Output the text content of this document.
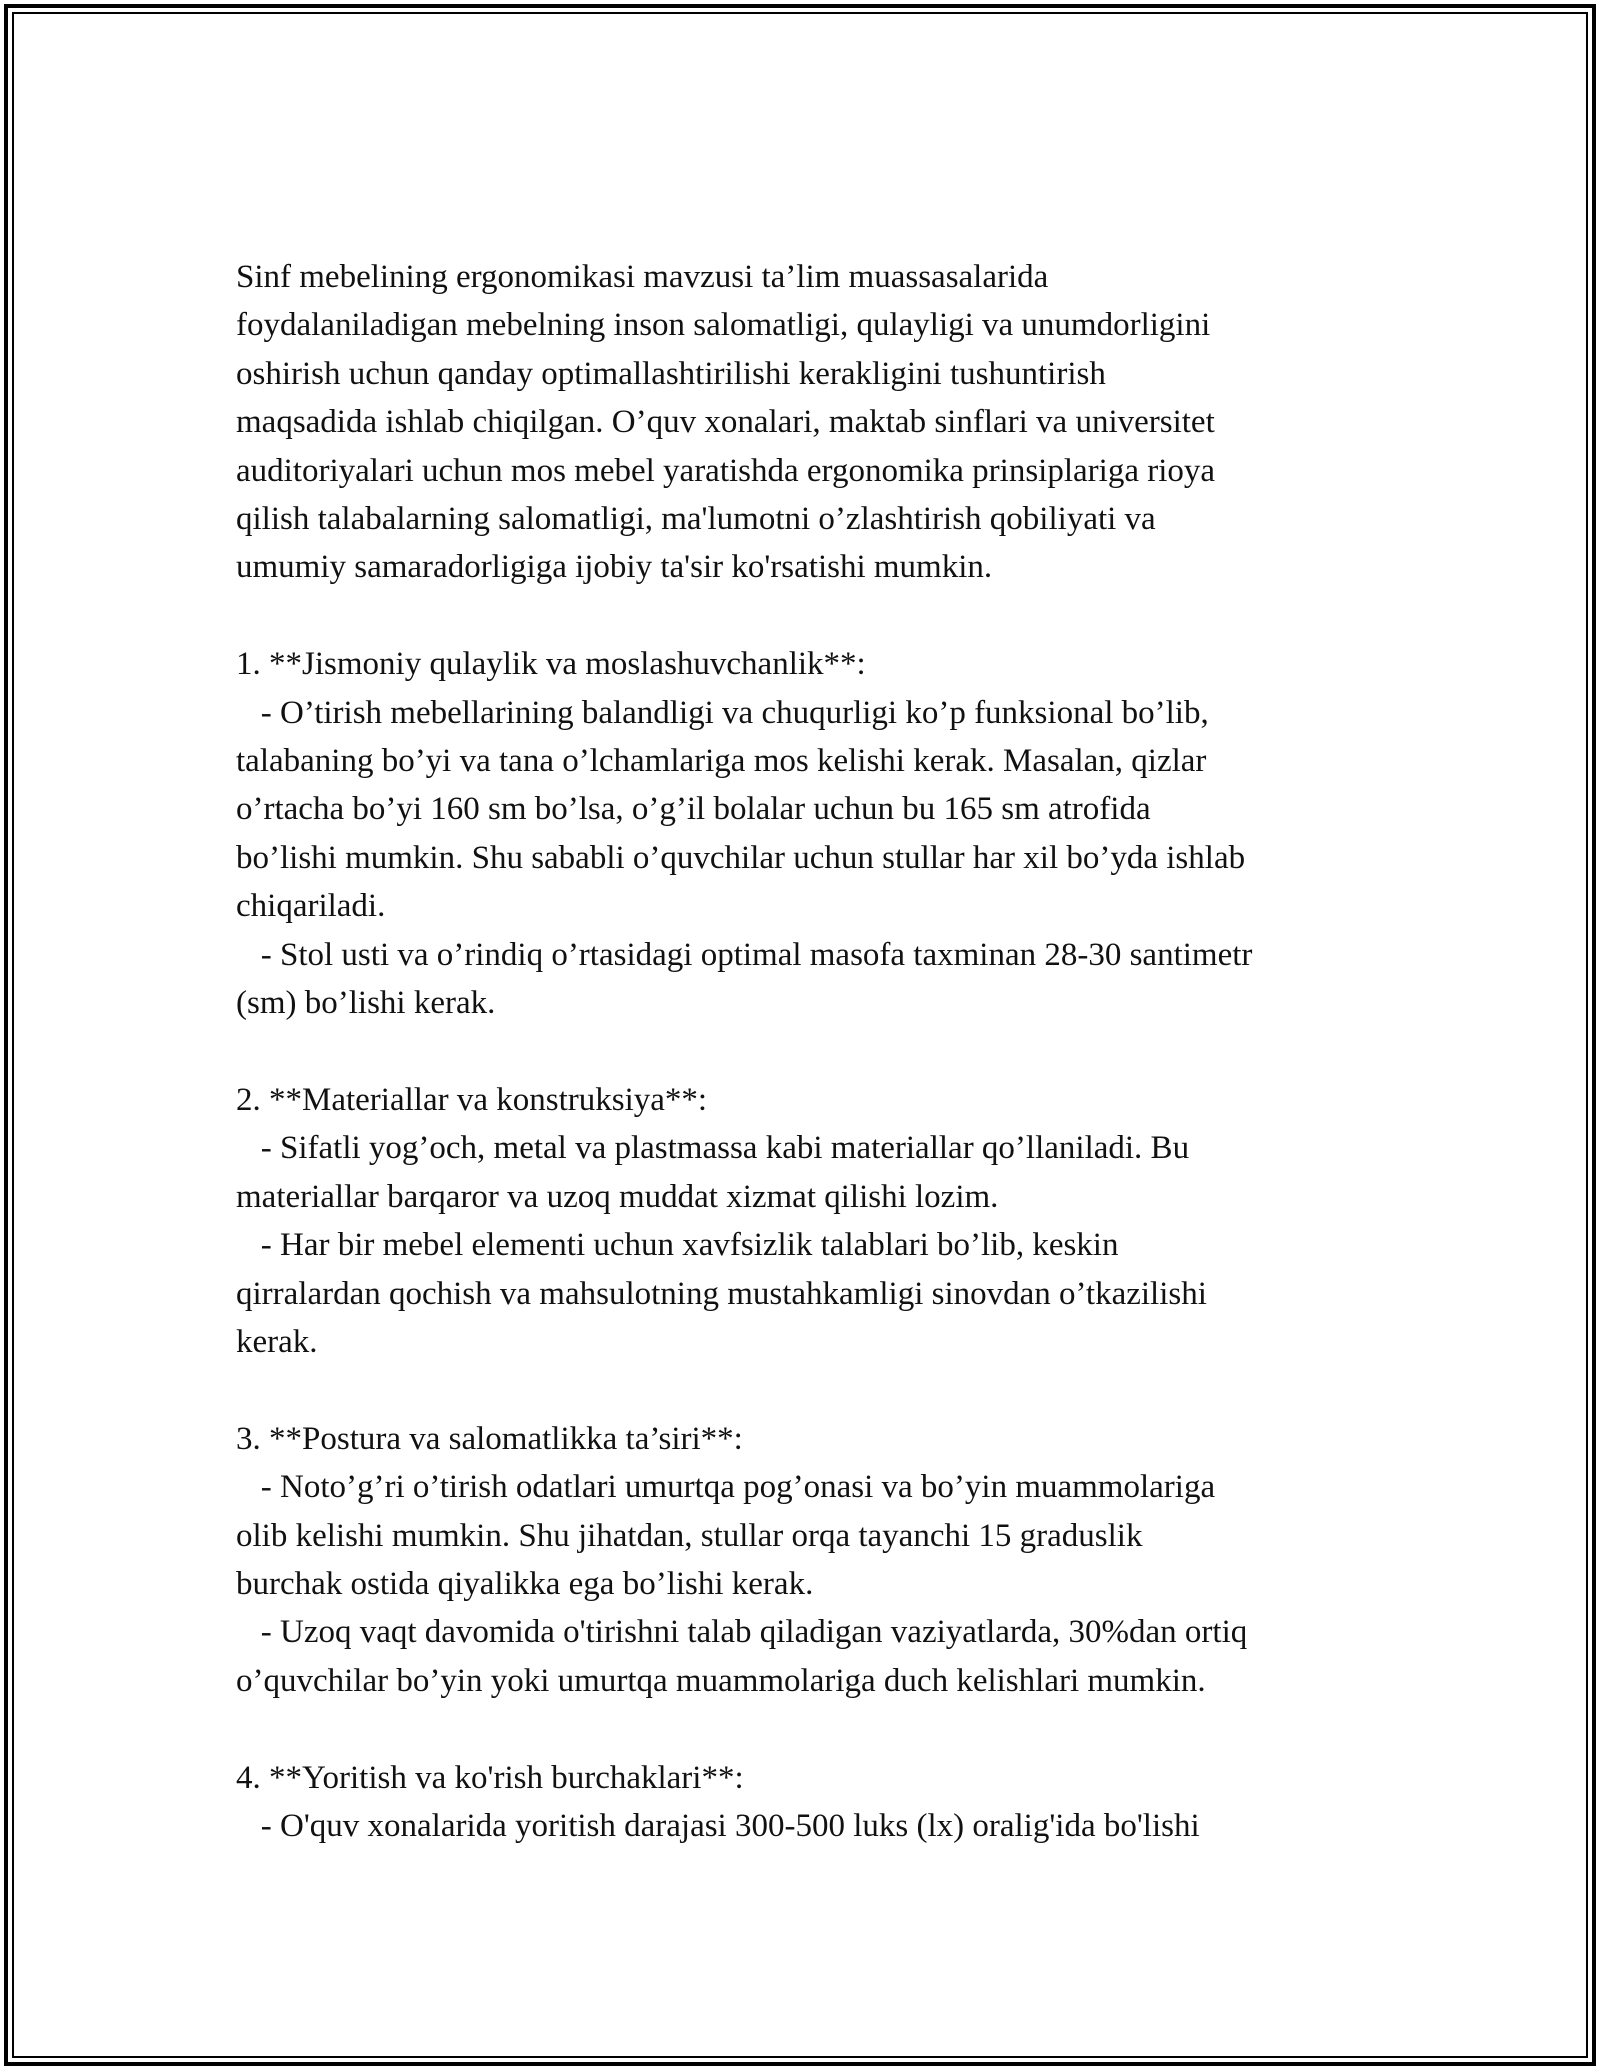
Sinf mebelining ergonomikasi mavzusi ta’lim muassasalarida
foydalaniladigan mebelning inson salomatligi, qulayligi va unumdorligini
oshirish uchun qanday optimallashtirilishi kerakligini tushuntirish
maqsadida ishlab chiqilgan. O’quv xonalari, maktab sinflari va universitet
auditoriyalari uchun mos mebel yaratishda ergonomika prinsiplariga rioya
qilish talabalarning salomatligi, ma'lumotni o’zlashtirish qobiliyati va
umumiy samaradorligiga ijobiy ta'sir ko'rsatishi mumkin.
1. **Jismoniy qulaylik va moslashuvchanlik**:
- O’tirish mebellarining balandligi va chuqurligi ko’p funksional bo’lib,
talabaning bo’yi va tana o’lchamlariga mos kelishi kerak. Masalan, qizlar
o’rtacha bo’yi 160 sm bo’lsa, o’g’il bolalar uchun bu 165 sm atrofida
bo’lishi mumkin. Shu sababli o’quvchilar uchun stullar har xil bo’yda ishlab
chiqariladi.
- Stol usti va o’rindiq o’rtasidagi optimal masofa taxminan 28-30 santimetr
(sm) bo’lishi kerak.
2. **Materiallar va konstruksiya**:
- Sifatli yog’och, metal va plastmassa kabi materiallar qo’llaniladi. Bu
materiallar barqaror va uzoq muddat xizmat qilishi lozim.
- Har bir mebel elementi uchun xavfsizlik talablari bo’lib, keskin
qirralardan qochish va mahsulotning mustahkamligi sinovdan o’tkazilishi
kerak.
3. **Postura va salomatlikka ta’siri**:
- Noto’g’ri o’tirish odatlari umurtqa pog’onasi va bo’yin muammolariga
olib kelishi mumkin. Shu jihatdan, stullar orqa tayanchi 15 graduslik
burchak ostida qiyalikka ega bo’lishi kerak.
- Uzoq vaqt davomida o'tirishni talab qiladigan vaziyatlarda, 30%dan ortiq
o’quvchilar bo’yin yoki umurtqa muammolariga duch kelishlari mumkin.
4. **Yoritish va ko'rish burchaklari**:
- O'quv xonalarida yoritish darajasi 300-500 luks (lx) oralig'ida bo'lishi
